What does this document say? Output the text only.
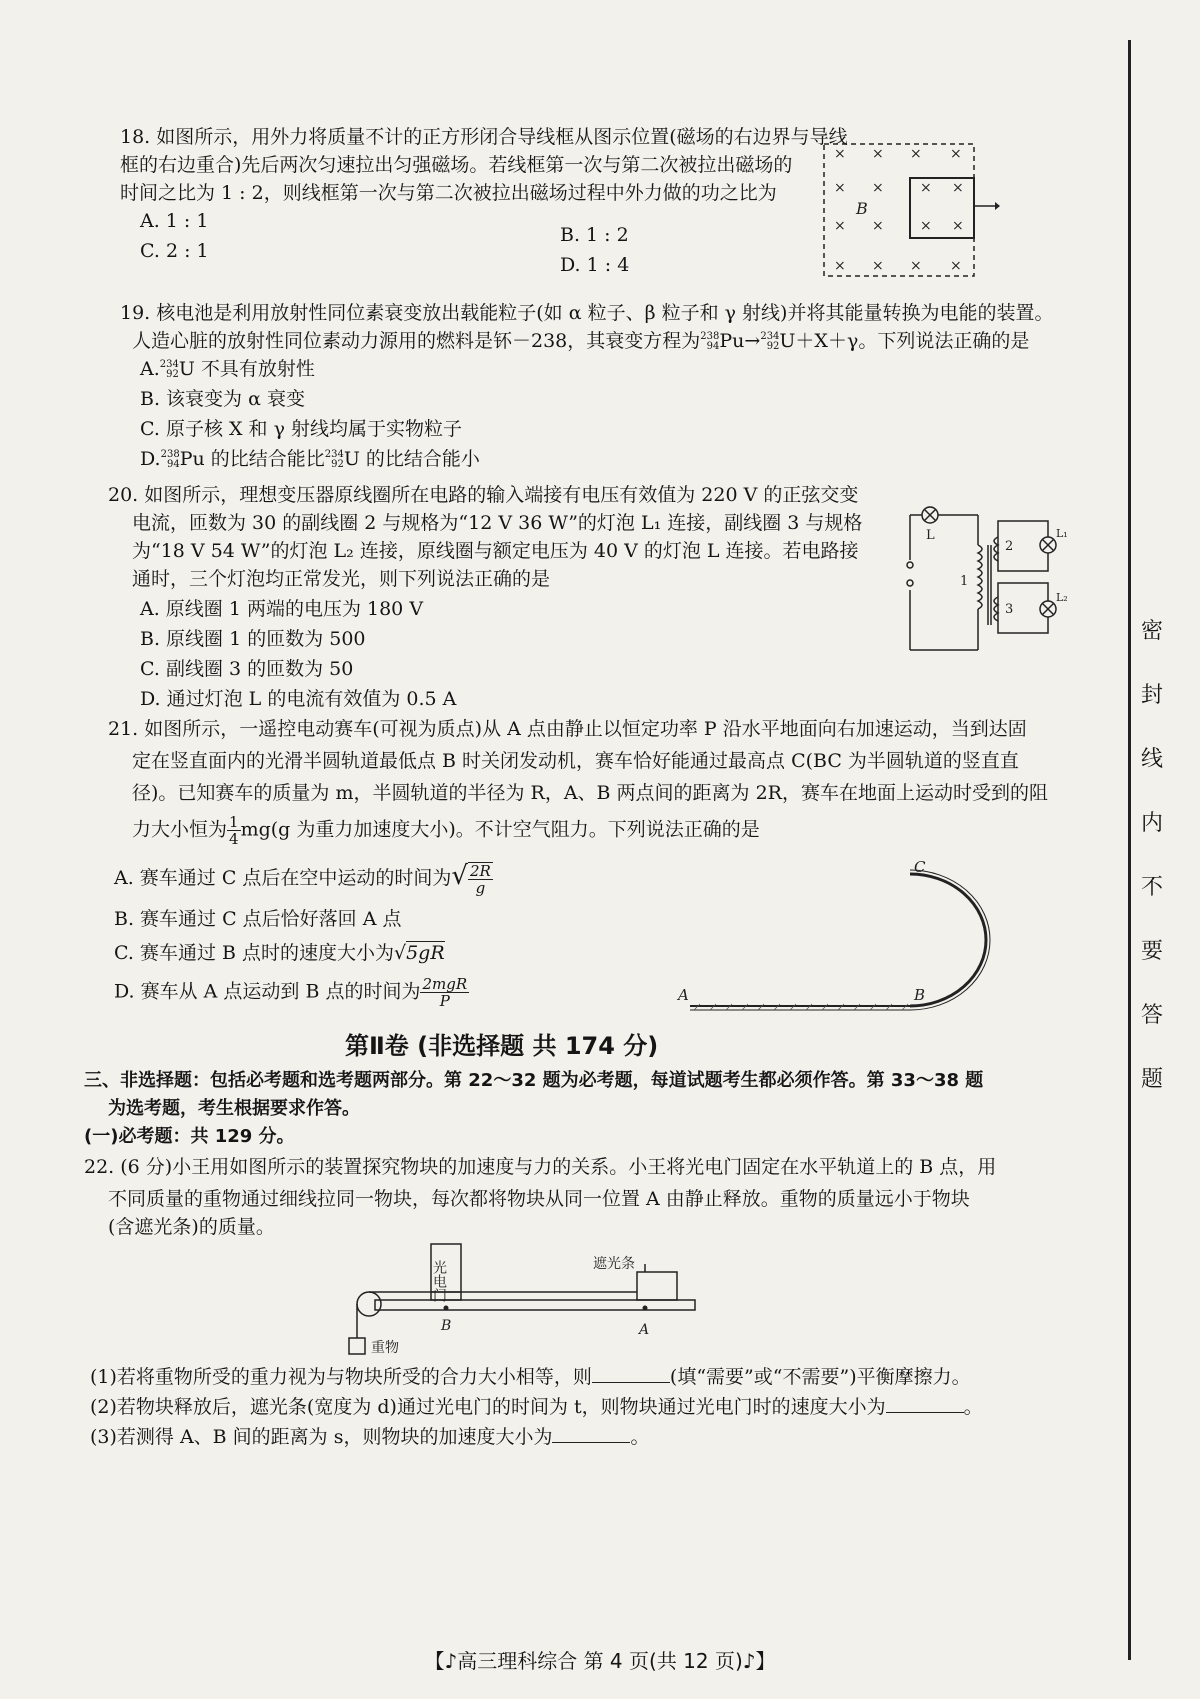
18. 如图所示，用外力将质量不计的正方形闭合导线框从图示位置(磁场的右边界与导线
框的右边重合)先后两次匀速拉出匀强磁场。若线框第一次与第二次被拉出磁场的
时间之比为 1 : 2，则线框第一次与第二次被拉出磁场过程中外力做的功之比为
A. 1 : 1
B. 1 : 2
C. 2 : 1
D. 1 : 4
× × × ×
× ×	× ×
× ×	× ×
× × × ×
B
19. 核电池是利用放射性同位素衰变放出载能粒子(如 α 粒子、β 粒子和 γ 射线)并将其能量转换为电能的装置。
人造心脏的放射性同位素动力源用的燃料是钚－238，其衰变方程为 238
94 Pu→ 234
92 U＋X＋γ。下列说法正确的是
A. 234
92 U 不具有放射性
B. 该衰变为 α 衰变
C. 原子核 X 和 γ 射线均属于实物粒子
D. 238
94 Pu 的比结合能比 234
92 U 的比结合能小
20. 如图所示，理想变压器原线圈所在电路的输入端接有电压有效值为 220 V 的正弦交变
电流，匝数为 30 的副线圈 2 与规格为“12 V 36 W”的灯泡 L₁ 连接，副线圈 3 与规格
为“18 V 54 W”的灯泡 L₂ 连接，原线圈与额定电压为 40 V 的灯泡 L 连接。若电路接
通时，三个灯泡均正常发光，则下列说法正确的是
A. 原线圈 1 两端的电压为 180 V
B. 原线圈 1 的匝数为 500
C. 副线圈 3 的匝数为 50
D. 通过灯泡 L 的电流有效值为 0.5 A
L
1
2
3
L₁
L₂
21. 如图所示，一遥控电动赛车(可视为质点)从 A 点由静止以恒定功率 P 沿水平地面向右加速运动，当到达固
定在竖直面内的光滑半圆轨道最低点 B 时关闭发动机，赛车恰好能通过最高点 C(BC 为半圆轨道的竖直直
径)。已知赛车的质量为 m，半圆轨道的半径为 R，A、B 两点间的距离为 2R，赛车在地面上运动时受到的阻
力大小恒为 $\frac{1}{4} mg(g$ 为重力加速度大小)。不计空气阻力。下列说法正确的是
A. 赛车通过 C 点后在空中运动的时间为√ $\frac{2R}{g}$
B. 赛车通过 C 点后恰好落回 A 点
C. 赛车通过 B 点时的速度大小为√5gR
D. 赛车从 A 点运动到 B 点的时间为 $\frac{\text{2mgR}}{P}$	A	B
C
第Ⅱ卷 (非选择题 共 174 分)
三、非选择题：包括必考题和选考题两部分。第 22～32 题为必考题，每道试题考生都必须作答。第 33～38 题
为选考题，考生根据要求作答。
(一)必考题：共 129 分。
22. (6 分)小王用如图所示的装置探究物块的加速度与力的关系。小王将光电门固定在水平轨道上的 B 点，用
不同质量的重物通过细线拉同一物块，每次都将物块从同一位置 A 由静止释放。重物的质量远小于物块
(含遮光条)的质量。
光电门	遮光条
重物
B	A
(1)若将重物所受的重力视为与物块所受的合力大小相等，则	(填“需要”或“不需要”)平衡摩擦力。
(2)若物块释放后，遮光条(宽度为 d)通过光电门的时间为 t，则物块通过光电门时的速度大小为	。
(3)若测得 A、B 间的距离为 s，则物块的加速度大小为	。
密封线内不要答题
【♪高三理科综合 第 4 页(共 12 页)♪】
